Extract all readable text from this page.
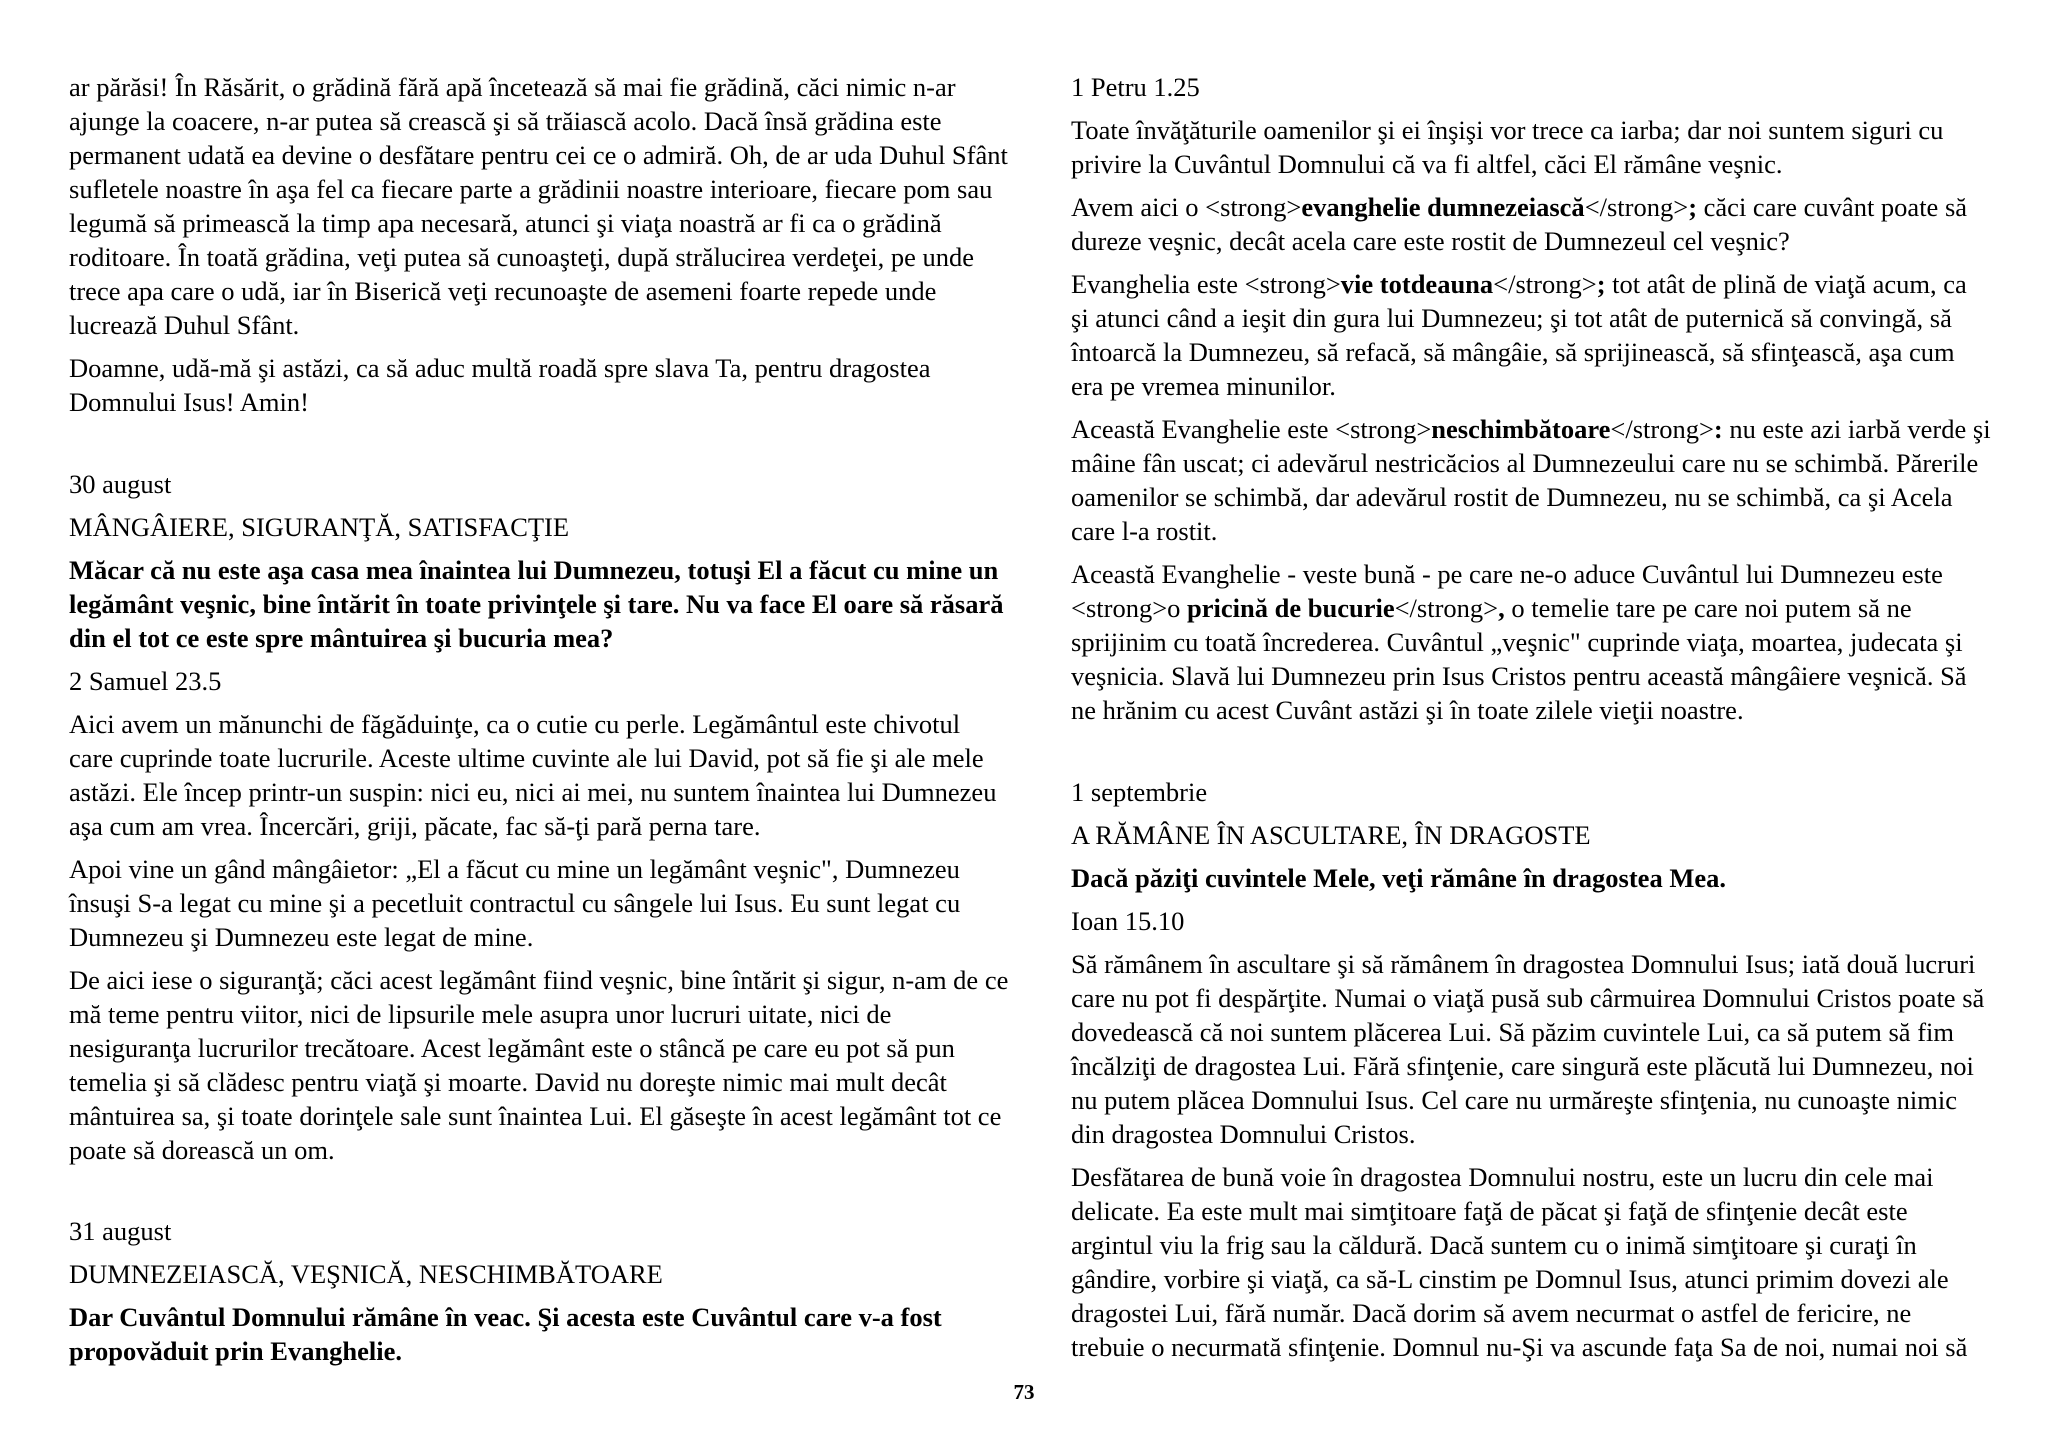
ar părăsi! În Răsărit, o grădină fără apă încetează să mai fie grădină, căci nimic n-ar ajunge la coacere, n-ar putea să crească şi să trăiască acolo. Dacă însă grădina este permanent udată ea devine o desfătare pentru cei ce o admiră. Oh, de ar uda Duhul Sfânt sufletele noastre în aşa fel ca fiecare parte a grădinii noastre interioare, fiecare pom sau legumă să primească la timp apa necesară, atunci şi viaţa noastră ar fi ca o grădină roditoare. În toată grădina, veţi putea să cunoaşteţi, după strălucirea verdeţei, pe unde trece apa care o udă, iar în Biserică veţi recunoaşte de asemeni foarte repede unde lucrează Duhul Sfânt.

Doamne, udă-mă şi astăzi, ca să aduc multă roadă spre slava Ta, pentru dragostea Domnului Isus! Amin!

30 august

MÂNGÂIERE, SIGURANŢĂ, SATISFACŢIE

Măcar că nu este aşa casa mea înaintea lui Dumnezeu, totuşi El a făcut cu mine un legământ veşnic, bine întărit în toate privinţele şi tare. Nu va face El oare să răsară din el tot ce este spre mântuirea şi bucuria mea?

2 Samuel 23.5

Aici avem un mănunchi de făgăduinţe, ca o cutie cu perle. Legământul este chivotul care cuprinde toate lucrurile. Aceste ultime cuvinte ale lui David, pot să fie şi ale mele astăzi. Ele încep printr-un suspin: nici eu, nici ai mei, nu suntem înaintea lui Dumnezeu aşa cum am vrea. Încercări, griji, păcate, fac să-ţi pară perna tare.

Apoi vine un gând mângâietor: „El a făcut cu mine un legământ veşnic", Dumnezeu însuşi S-a legat cu mine şi a pecetluit contractul cu sângele lui Isus. Eu sunt legat cu Dumnezeu şi Dumnezeu este legat de mine.

De aici iese o siguranţă; căci acest legământ fiind veşnic, bine întărit şi sigur, n-am de ce mă teme pentru viitor, nici de lipsurile mele asupra unor lucruri uitate, nici de nesiguranţa lucrurilor trecătoare. Acest legământ este o stâncă pe care eu pot să pun temelia şi să clădesc pentru viaţă şi moarte. David nu doreşte nimic mai mult decât mântuirea sa, şi toate dorinţele sale sunt înaintea Lui. El găseşte în acest legământ tot ce poate să dorească un om.

31 august

DUMNEZEIASCĂ, VEŞNICĂ, NESCHIMBĂTOARE

Dar Cuvântul Domnului rămâne în veac. Şi acesta este Cuvântul care v-a fost propovăduit prin Evanghelie.

1 Petru 1.25

Toate învăţăturile oamenilor şi ei înşişi vor trece ca iarba; dar noi suntem siguri cu privire la Cuvântul Domnului că va fi altfel, căci El rămâne veşnic.

Avem aici o <strong>evanghelie dumnezeiască</strong>; căci care cuvânt poate să dureze veşnic, decât acela care este rostit de Dumnezeul cel veşnic?

Evanghelia este <strong>vie totdeauna</strong>; tot atât de plină de viaţă acum, ca şi atunci când a ieşit din gura lui Dumnezeu; şi tot atât de puternică să convingă, să întoarcă la Dumnezeu, să refacă, să mângâie, să sprijinească, să sfinţească, aşa cum era pe vremea minunilor.

Această Evanghelie este <strong>neschimbătoare</strong>: nu este azi iarbă verde şi mâine fân uscat; ci adevărul nestricăcios al Dumnezeului care nu se schimbă. Părerile oamenilor se schimbă, dar adevărul rostit de Dumnezeu, nu se schimbă, ca şi Acela care l-a rostit.

Această Evanghelie - veste bună - pe care ne-o aduce Cuvântul lui Dumnezeu este <strong>o pricină de bucurie</strong>, o temelie tare pe care noi putem să ne sprijinim cu toată încrederea. Cuvântul „veşnic" cuprinde viaţa, moartea, judecata şi veşnicia. Slavă lui Dumnezeu prin Isus Cristos pentru această mângâiere veşnică. Să ne hrănim cu acest Cuvânt astăzi şi în toate zilele vieţii noastre.

1 septembrie

A RĂMÂNE ÎN ASCULTARE, ÎN DRAGOSTE

Dacă păziţi cuvintele Mele, veţi rămâne în dragostea Mea.

Ioan 15.10

Să rămânem în ascultare şi să rămânem în dragostea Domnului Isus; iată două lucruri care nu pot fi despărţite. Numai o viaţă pusă sub cârmuirea Domnului Cristos poate să dovedească că noi suntem plăcerea Lui. Să păzim cuvintele Lui, ca să putem să fim încălziţi de dragostea Lui. Fără sfinţenie, care singură este plăcută lui Dumnezeu, noi nu putem plăcea Domnului Isus. Cel care nu urmăreşte sfinţenia, nu cunoaşte nimic din dragostea Domnului Cristos.

Desfătarea de bună voie în dragostea Domnului nostru, este un lucru din cele mai delicate. Ea este mult mai simţitoare faţă de păcat şi faţă de sfinţenie decât este argintul viu la frig sau la căldură. Dacă suntem cu o inimă simţitoare şi curaţi în gândire, vorbire şi viaţă, ca să-L cinstim pe Domnul Isus, atunci primim dovezi ale dragostei Lui, fără număr. Dacă dorim să avem necurmat o astfel de fericire, ne trebuie o necurmată sfinţenie. Domnul nu-Şi va ascunde faţa Sa de noi, numai noi să

73
